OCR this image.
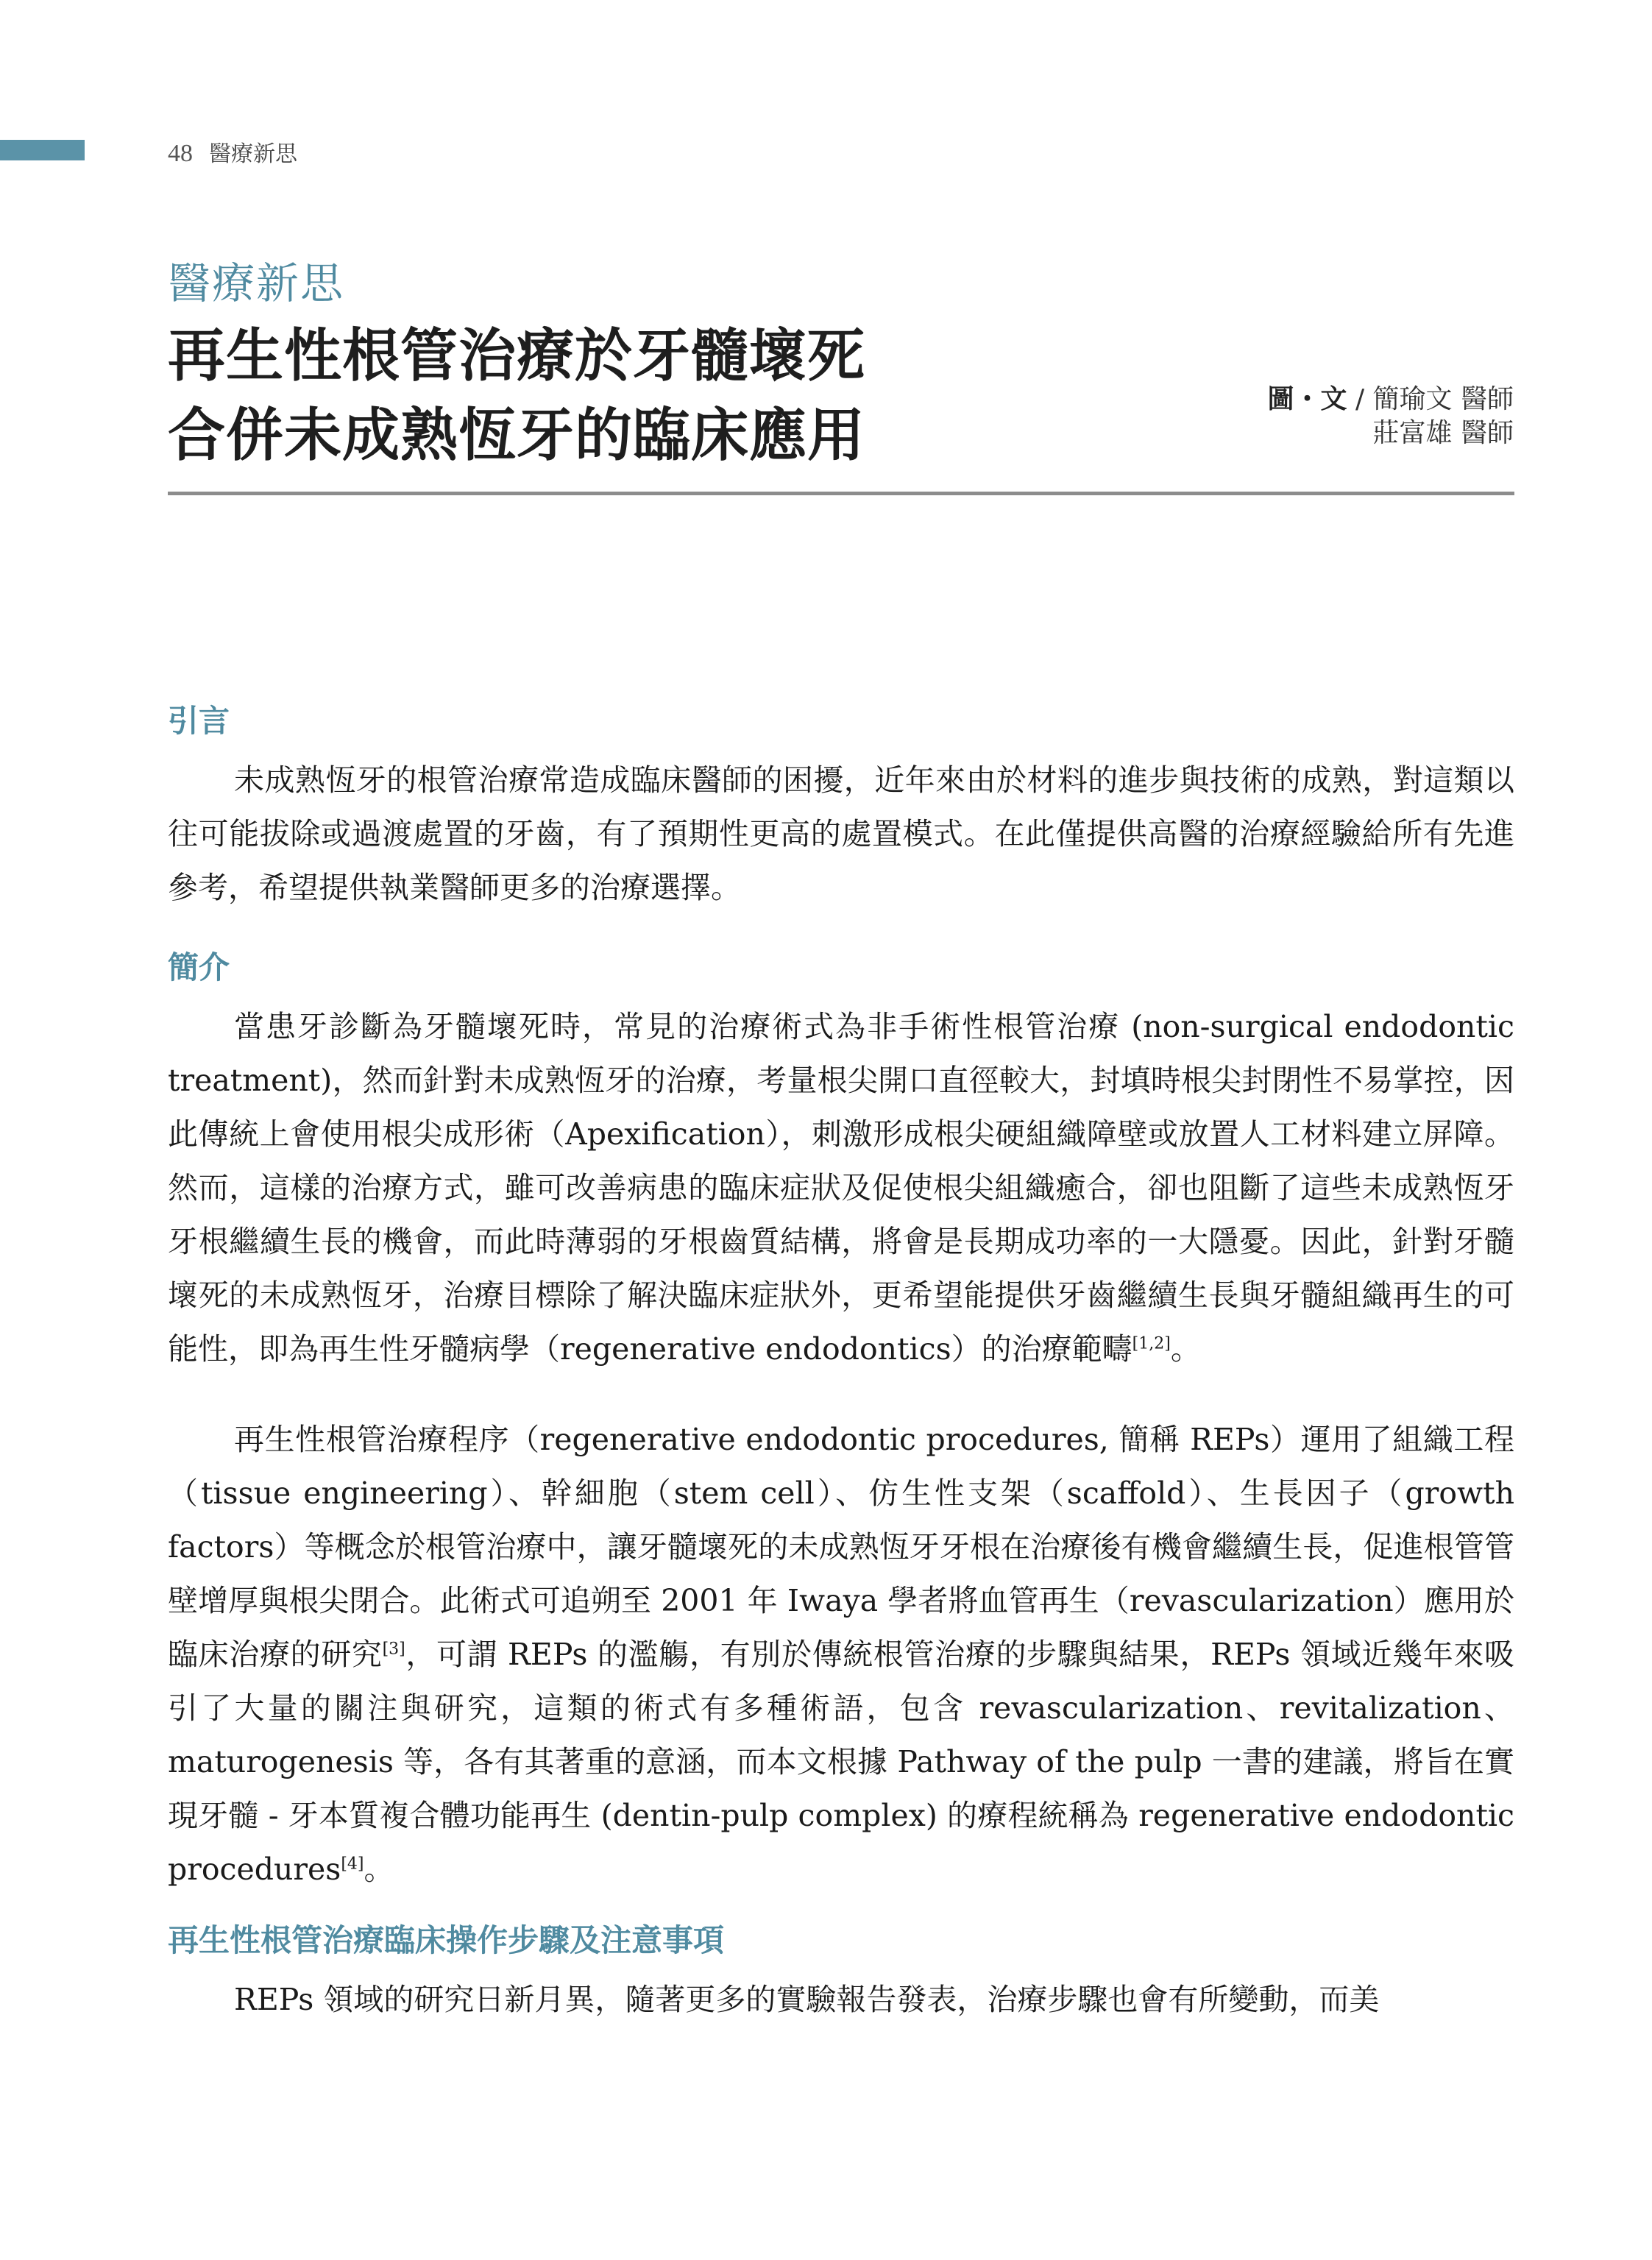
48 醫療新思
醫療新思
再生性根管治療於牙髓壞死
合併未成熟恆牙的臨床應用
圖・文 / 簡瑜文 醫師
莊富雄 醫師
引言

未成熟恆牙的根管治療常造成臨床醫師的困擾，近年來由於材料的進步與技術的成熟，對這類以往可能拔除或過渡處置的牙齒，有了預期性更高的處置模式。在此僅提供高醫的治療經驗給所有先進參考，希望提供執業醫師更多的治療選擇。

簡介

當患牙診斷為牙髓壞死時，常見的治療術式為非手術性根管治療 (non-surgical endodontic treatment)，然而針對未成熟恆牙的治療，考量根尖開口直徑較大，封填時根尖封閉性不易掌控，因此傳統上會使用根尖成形術（Apexification），刺激形成根尖硬組織障壁或放置人工材料建立屏障。然而，這樣的治療方式，雖可改善病患的臨床症狀及促使根尖組織癒合，卻也阻斷了這些未成熟恆牙牙根繼續生長的機會，而此時薄弱的牙根齒質結構，將會是長期成功率的一大隱憂。因此，針對牙髓壞死的未成熟恆牙，治療目標除了解決臨床症狀外，更希望能提供牙齒繼續生長與牙髓組織再生的可能性，即為再生性牙髓病學（regenerative endodontics）的治療範疇[1,2]。

再生性根管治療程序（regenerative endodontic procedures, 簡稱 REPs）運用了組織工程（tissue engineering）、幹細胞（stem cell）、仿生性支架（scaffold）、生長因子（growth factors）等概念於根管治療中，讓牙髓壞死的未成熟恆牙牙根在治療後有機會繼續生長，促進根管管壁增厚與根尖閉合。此術式可追朔至 2001 年 Iwaya 學者將血管再生（revascularization）應用於臨床治療的研究[3]，可謂 REPs 的濫觴，有別於傳統根管治療的步驟與結果，REPs 領域近幾年來吸引了大量的關注與研究，這類的術式有多種術語，包含 revascularization、revitalization、maturogenesis 等，各有其著重的意涵，而本文根據 Pathway of the pulp 一書的建議，將旨在實現牙髓 - 牙本質複合體功能再生 (dentin-pulp complex) 的療程統稱為 regenerative endodontic procedures[4]。

再生性根管治療臨床操作步驟及注意事項

REPs 領域的研究日新月異，隨著更多的實驗報告發表，治療步驟也會有所變動，而美
